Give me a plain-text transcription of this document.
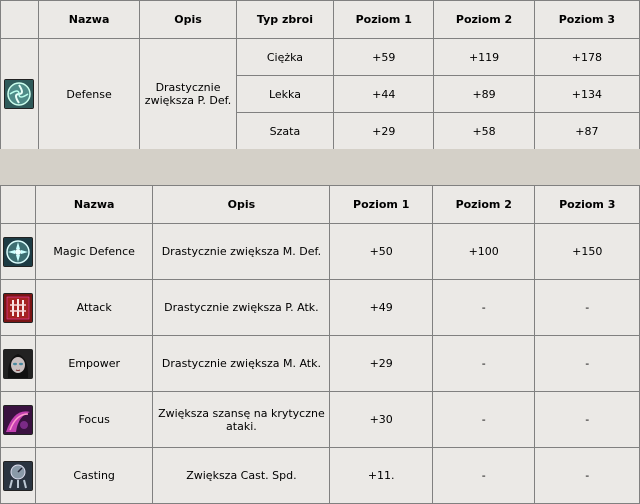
	Nazwa	Opis	Typ zbroi	Poziom 1	Poziom 2	Poziom 3

	Defense	Drastycznie zwiększa P. Def.	Ciężka	+59	+119	+178
			Lekka	+44	+89	+134
			Szata	+29	+58	+87
	Nazwa	Opis	Poziom 1	Poziom 2	Poziom 3

	Magic Defence	Drastycznie zwiększa M. Def.	+50	+100	+150

	Attack	Drastycznie zwiększa P. Atk.	+49	-	-

	Empower	Drastycznie zwiększa M. Atk.	+29	-	-

	Focus	Zwiększa szansę na krytyczne ataki.	+30	-	-

	Casting	Zwiększa Cast. Spd.	+11.	-	-
